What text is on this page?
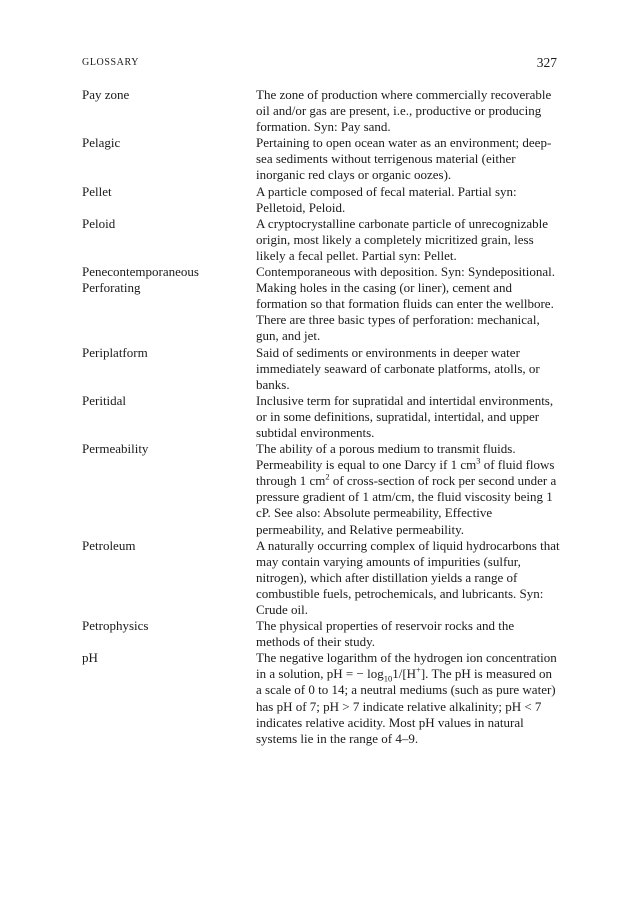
GLOSSARY	327
Pay zone	The zone of production where commercially recoverable oil and/or gas are present, i.e., productive or producing formation. Syn: Pay sand.

Pelagic	Pertaining to open ocean water as an environment; deep-sea sediments without terrigenous material (either inorganic red clays or organic oozes).

Pellet	A particle composed of fecal material. Partial syn: Pelletoid, Peloid.

Peloid	A cryptocrystalline carbonate particle of unrecognizable origin, most likely a completely micritized grain, less likely a fecal pellet. Partial syn: Pellet.

Penecontemporaneous	Contemporaneous with deposition. Syn: Syndepositional.

Perforating	Making holes in the casing (or liner), cement and formation so that formation fluids can enter the wellbore. There are three basic types of perforation: mechanical, gun, and jet.

Periplatform	Said of sediments or environments in deeper water immediately seaward of carbonate platforms, atolls, or banks.

Peritidal	Inclusive term for supratidal and intertidal environments, or in some definitions, supratidal, intertidal, and upper subtidal environments.

Permeability	The ability of a porous medium to transmit fluids. Permeability is equal to one Darcy if 1 $cm^3$ of fluid flows through 1 $cm^2$ of cross-section of rock per second under a pressure gradient of 1 atm/cm, the fluid viscosity being 1 cP. See also: Absolute permeability, Effective permeability, and Relative permeability.

Petroleum	A naturally occurring complex of liquid hydrocarbons that may contain varying amounts of impurities (sulfur, nitrogen), which after distillation yields a range of combustible fuels, petrochemicals, and lubricants. Syn: Crude oil.

Petrophysics	The physical properties of reservoir rocks and the methods of their study.

pH	The negative logarithm of the hydrogen ion concentration in a solution, pH = − $\log_{10}1/[H^+]$. The pH is measured on a scale of 0 to 14; a neutral mediums (such as pure water) has pH of 7; pH > 7 indicate relative alkalinity; pH < 7 indicates relative acidity. Most pH values in natural systems lie in the range of 4–9.
